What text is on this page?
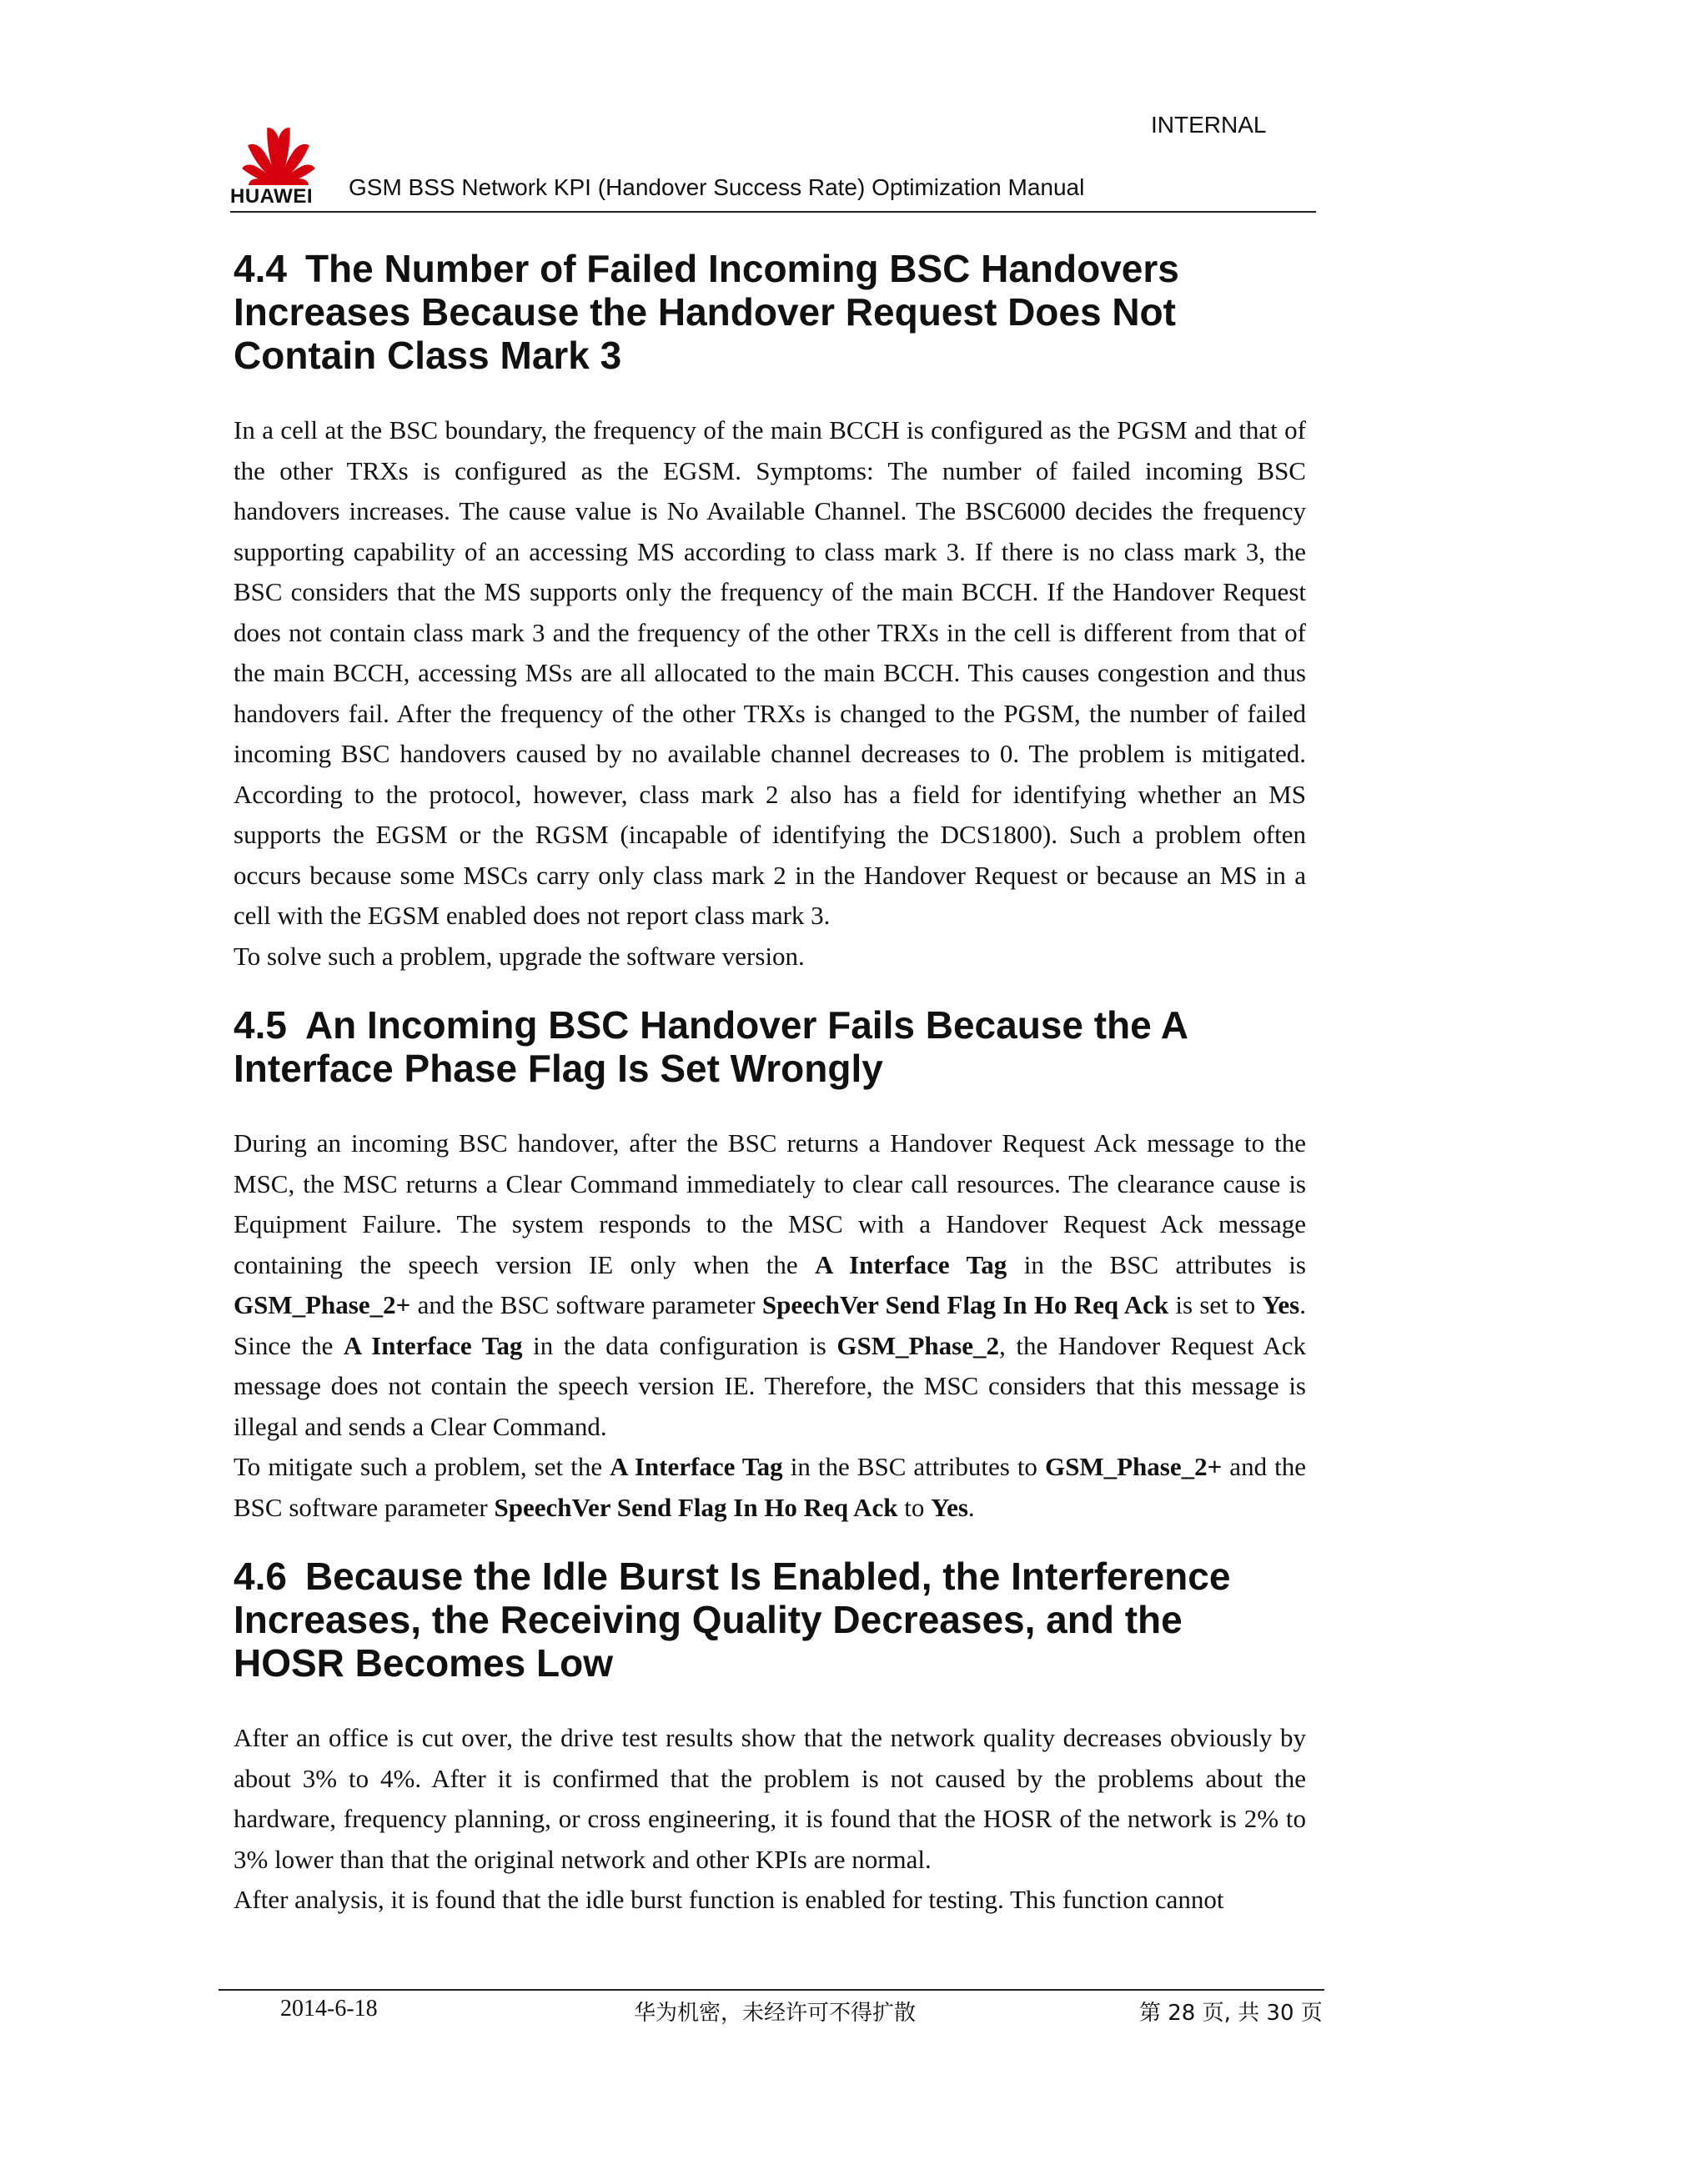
INTERNAL
HUAWEI	GSM BSS Network KPI (Handover Success Rate) Optimization Manual
4.4 The Number of Failed Incoming BSC Handovers
Increases Because the Handover Request Does Not
Contain Class Mark 3

In a cell at the BSC boundary, the frequency of the main BCCH is configured as the PGSM and that of the other TRXs is configured as the EGSM. Symptoms: The number of failed incoming BSC handovers increases. The cause value is No Available Channel. The BSC6000 decides the frequency supporting capability of an accessing MS according to class mark 3. If there is no class mark 3, the BSC considers that the MS supports only the frequency of the main BCCH. If the Handover Request does not contain class mark 3 and the frequency of the other TRXs in the cell is different from that of the main BCCH, accessing MSs are all allocated to the main BCCH. This causes congestion and thus handovers fail. After the frequency of the other TRXs is changed to the PGSM, the number of failed incoming BSC handovers caused by no available channel decreases to 0. The problem is mitigated. According to the protocol, however, class mark 2 also has a field for identifying whether an MS supports the EGSM or the RGSM (incapable of identifying the DCS1800). Such a problem often occurs because some MSCs carry only class mark 2 in the Handover Request or because an MS in a cell with the EGSM enabled does not report class mark 3.

To solve such a problem, upgrade the software version.

4.5 An Incoming BSC Handover Fails Because the A
Interface Phase Flag Is Set Wrongly

During an incoming BSC handover, after the BSC returns a Handover Request Ack message to the MSC, the MSC returns a Clear Command immediately to clear call resources. The clearance cause is Equipment Failure. The system responds to the MSC with a Handover Request Ack message containing the speech version IE only when the A Interface Tag in the BSC attributes is GSM_Phase_2+ and the BSC software parameter SpeechVer Send Flag In Ho Req Ack is set to Yes. Since the A Interface Tag in the data configuration is GSM_Phase_2, the Handover Request Ack message does not contain the speech version IE. Therefore, the MSC considers that this message is illegal and sends a Clear Command.

To mitigate such a problem, set the A Interface Tag in the BSC attributes to GSM_Phase_2+ and the BSC software parameter SpeechVer Send Flag In Ho Req Ack to Yes.

4.6 Because the Idle Burst Is Enabled, the Interference
Increases, the Receiving Quality Decreases, and the
HOSR Becomes Low

After an office is cut over, the drive test results show that the network quality decreases obviously by about 3% to 4%. After it is confirmed that the problem is not caused by the problems about the hardware, frequency planning, or cross engineering, it is found that the HOSR of the network is 2% to 3% lower than that the original network and other KPIs are normal.

After analysis, it is found that the idle burst function is enabled for testing. This function cannot

2014-6-18	华为机密，未经许可不得扩散	第 28 页, 共 30 页
